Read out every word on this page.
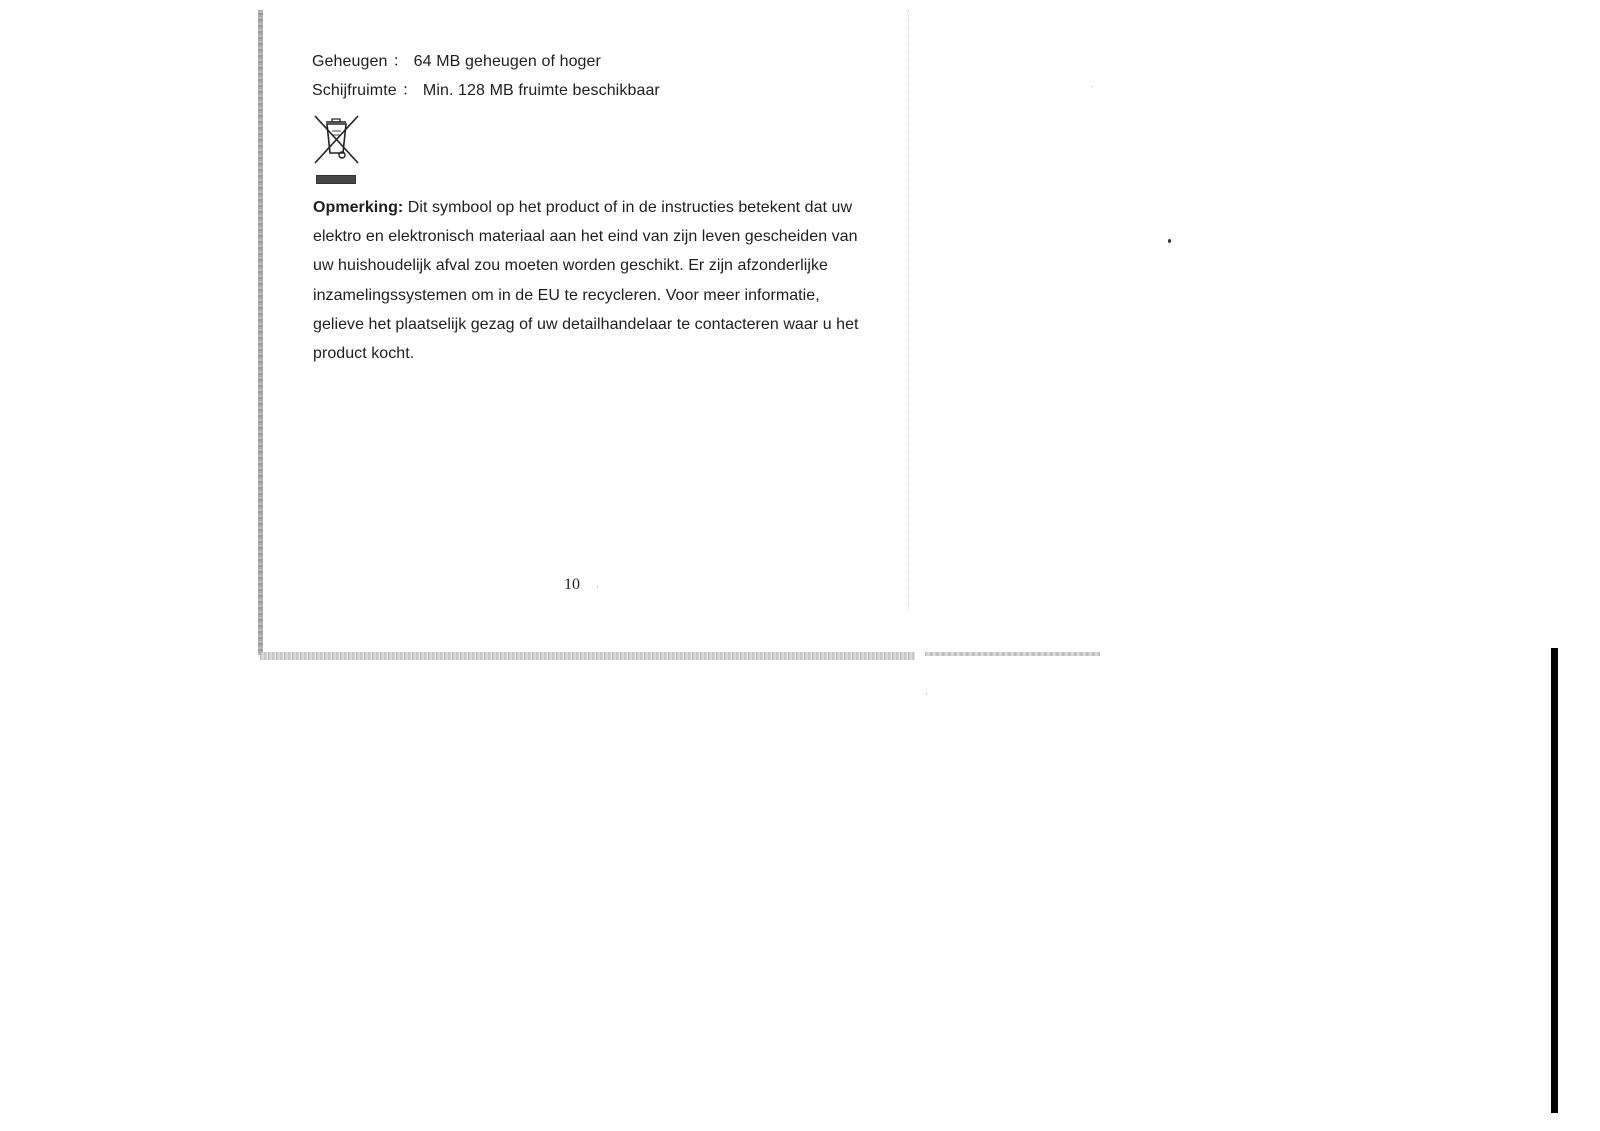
Geheugen ： 64 MB geheugen of hoger
Schijfruimte ： Min. 128 MB fruimte beschikbaar
Opmerking: Dit symbool op het product of in de instructies betekent dat uw elektro en elektronisch materiaal aan het eind van zijn leven gescheiden van uw huishoudelijk afval zou moeten worden geschikt. Er zijn afzonderlijke inzamelingssystemen om in de EU te recycleren. Voor meer informatie, gelieve het plaatselijk gezag of uw detailhandelaar te contacteren waar u het product kocht.
10
